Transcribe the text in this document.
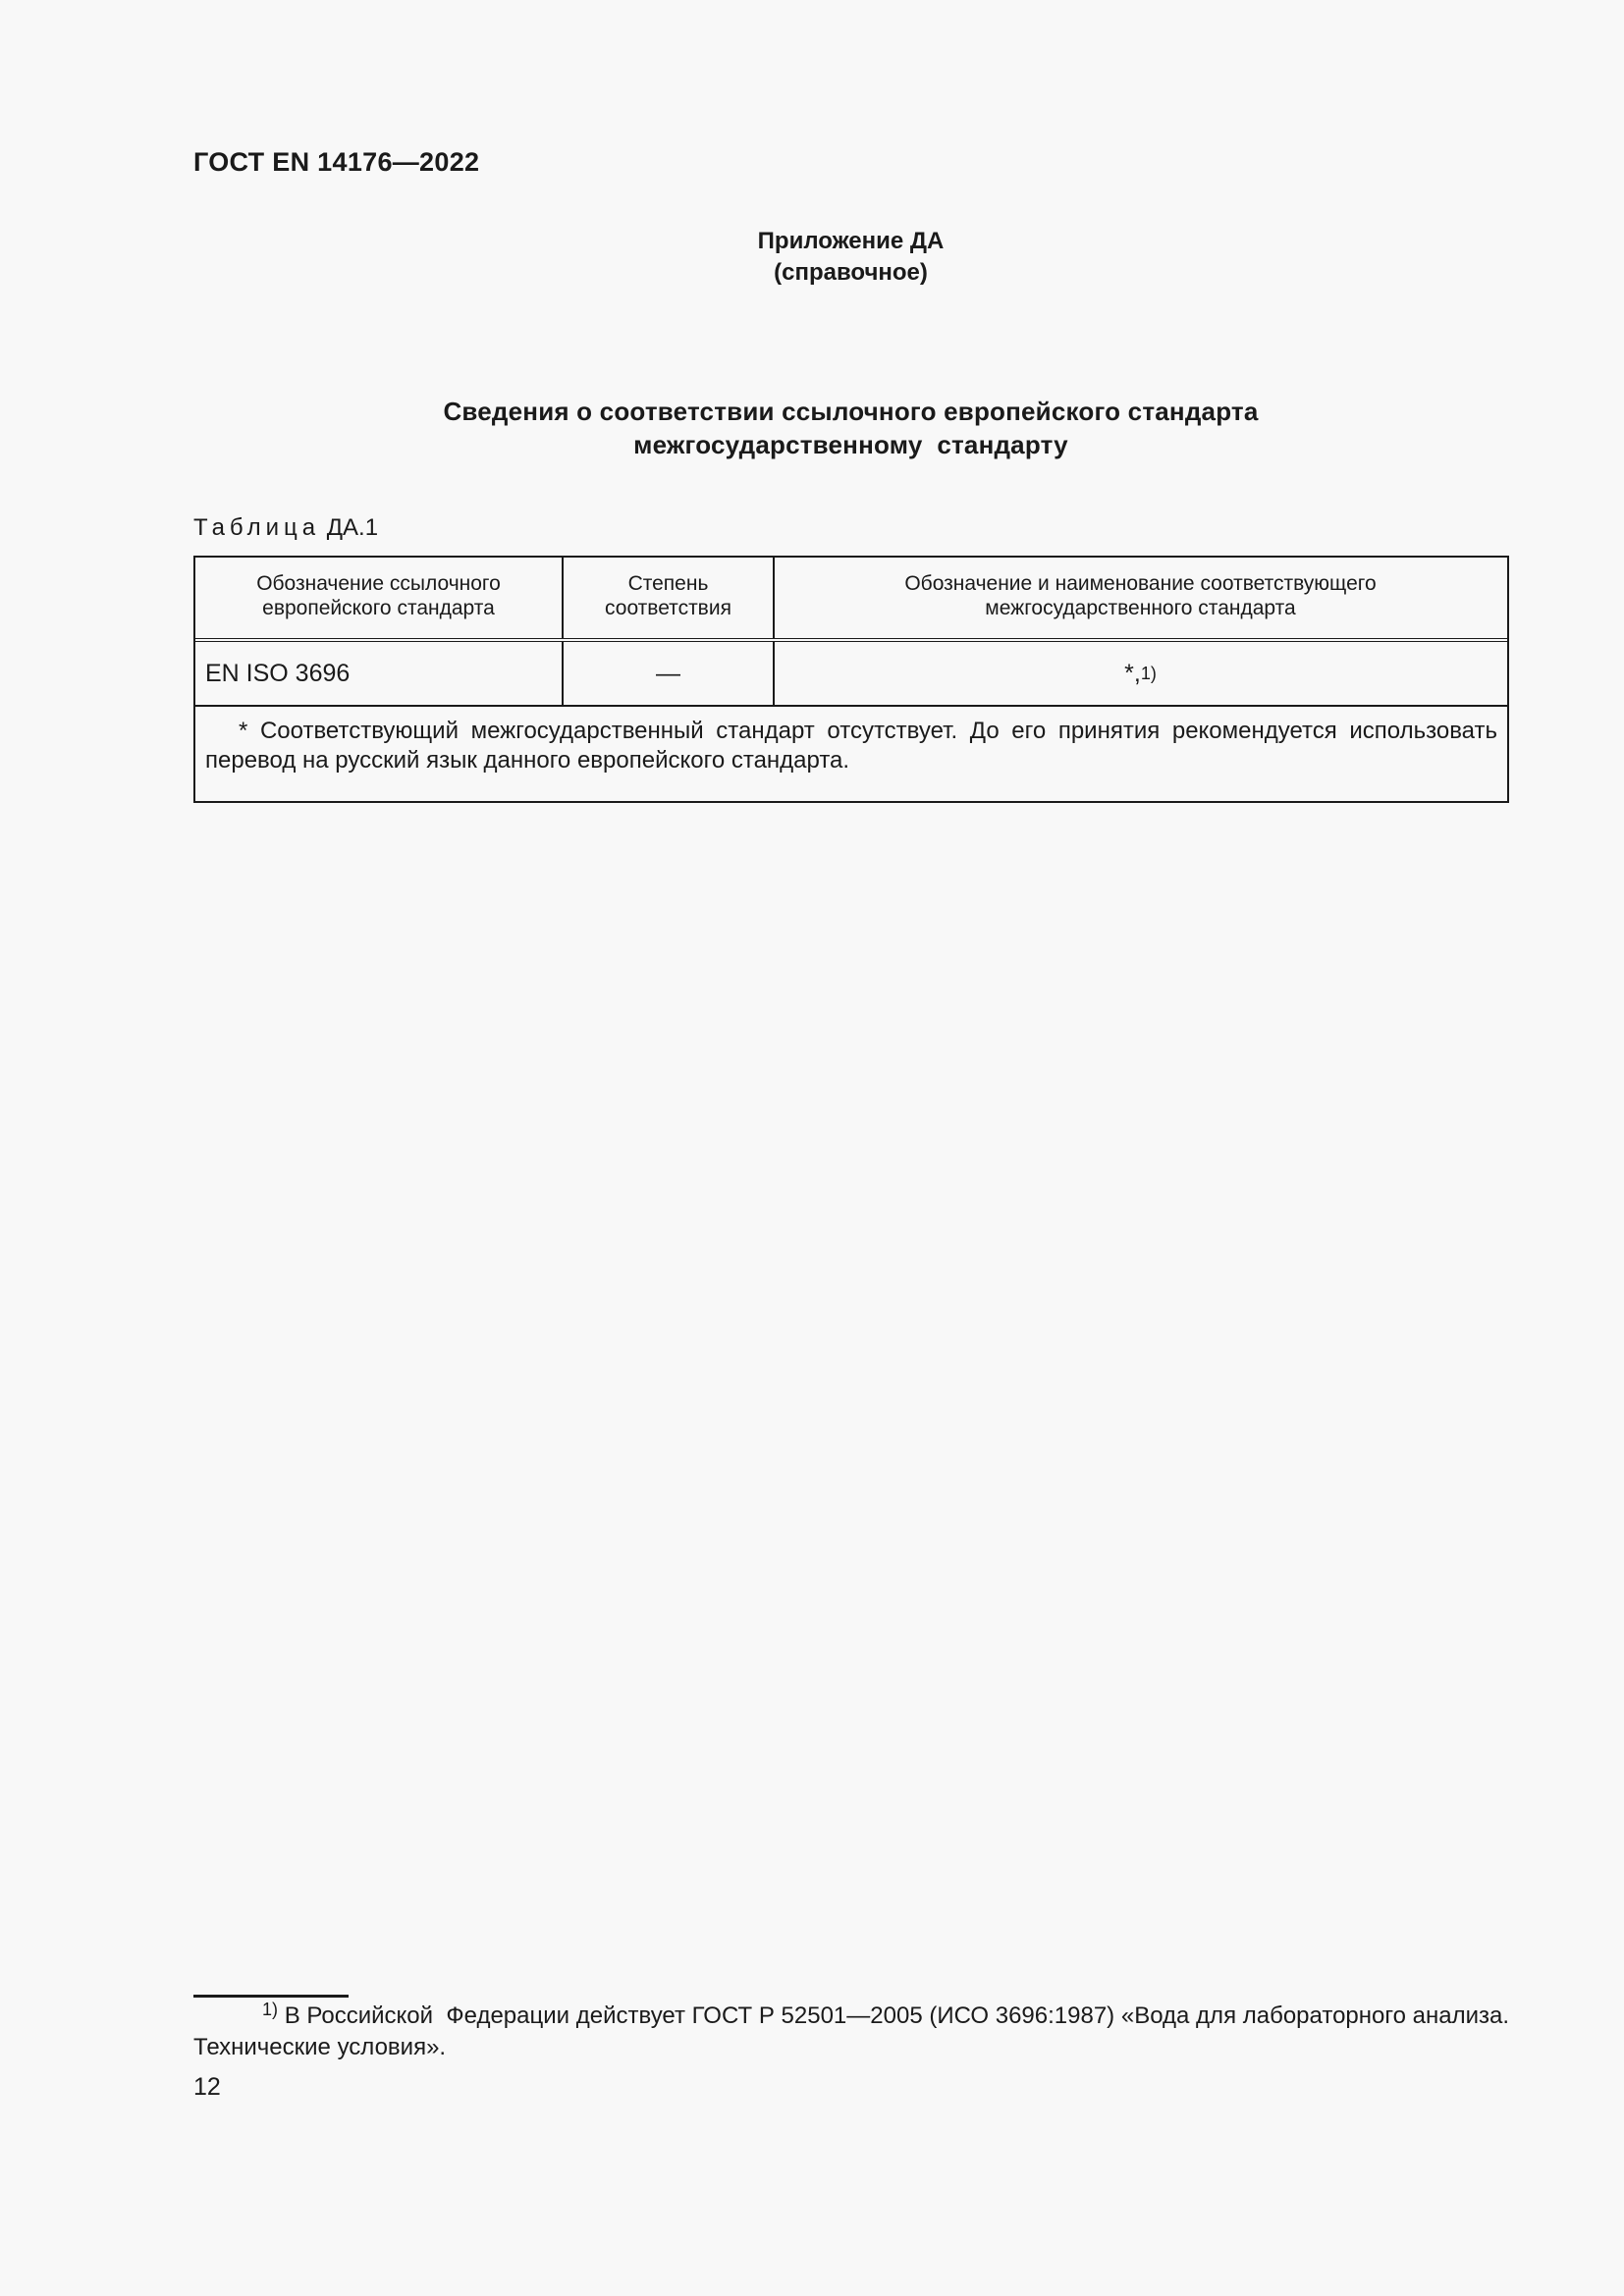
ГОСТ EN 14176—2022
Приложение ДА
(справочное)
Сведения о соответствии ссылочного европейского стандарта
межгосударственному  стандарту
Таблица ДА.1
Обозначение ссылочного
европейского стандарта
Степень
соответствия
Обозначение и наименование соответствующего
межгосударственного стандарта
EN ISO 3696	—	*, 1)
* Соответствующий межгосударственный стандарт отсутствует. До его принятия рекомендуется использовать перевод на русский язык данного европейского стандарта.
$^{1)}$ В Российской  Федерации действует ГОСТ Р 52501—2005 (ИСО 3696:1987) «Вода для лабораторного анализа. Технические условия».
12
